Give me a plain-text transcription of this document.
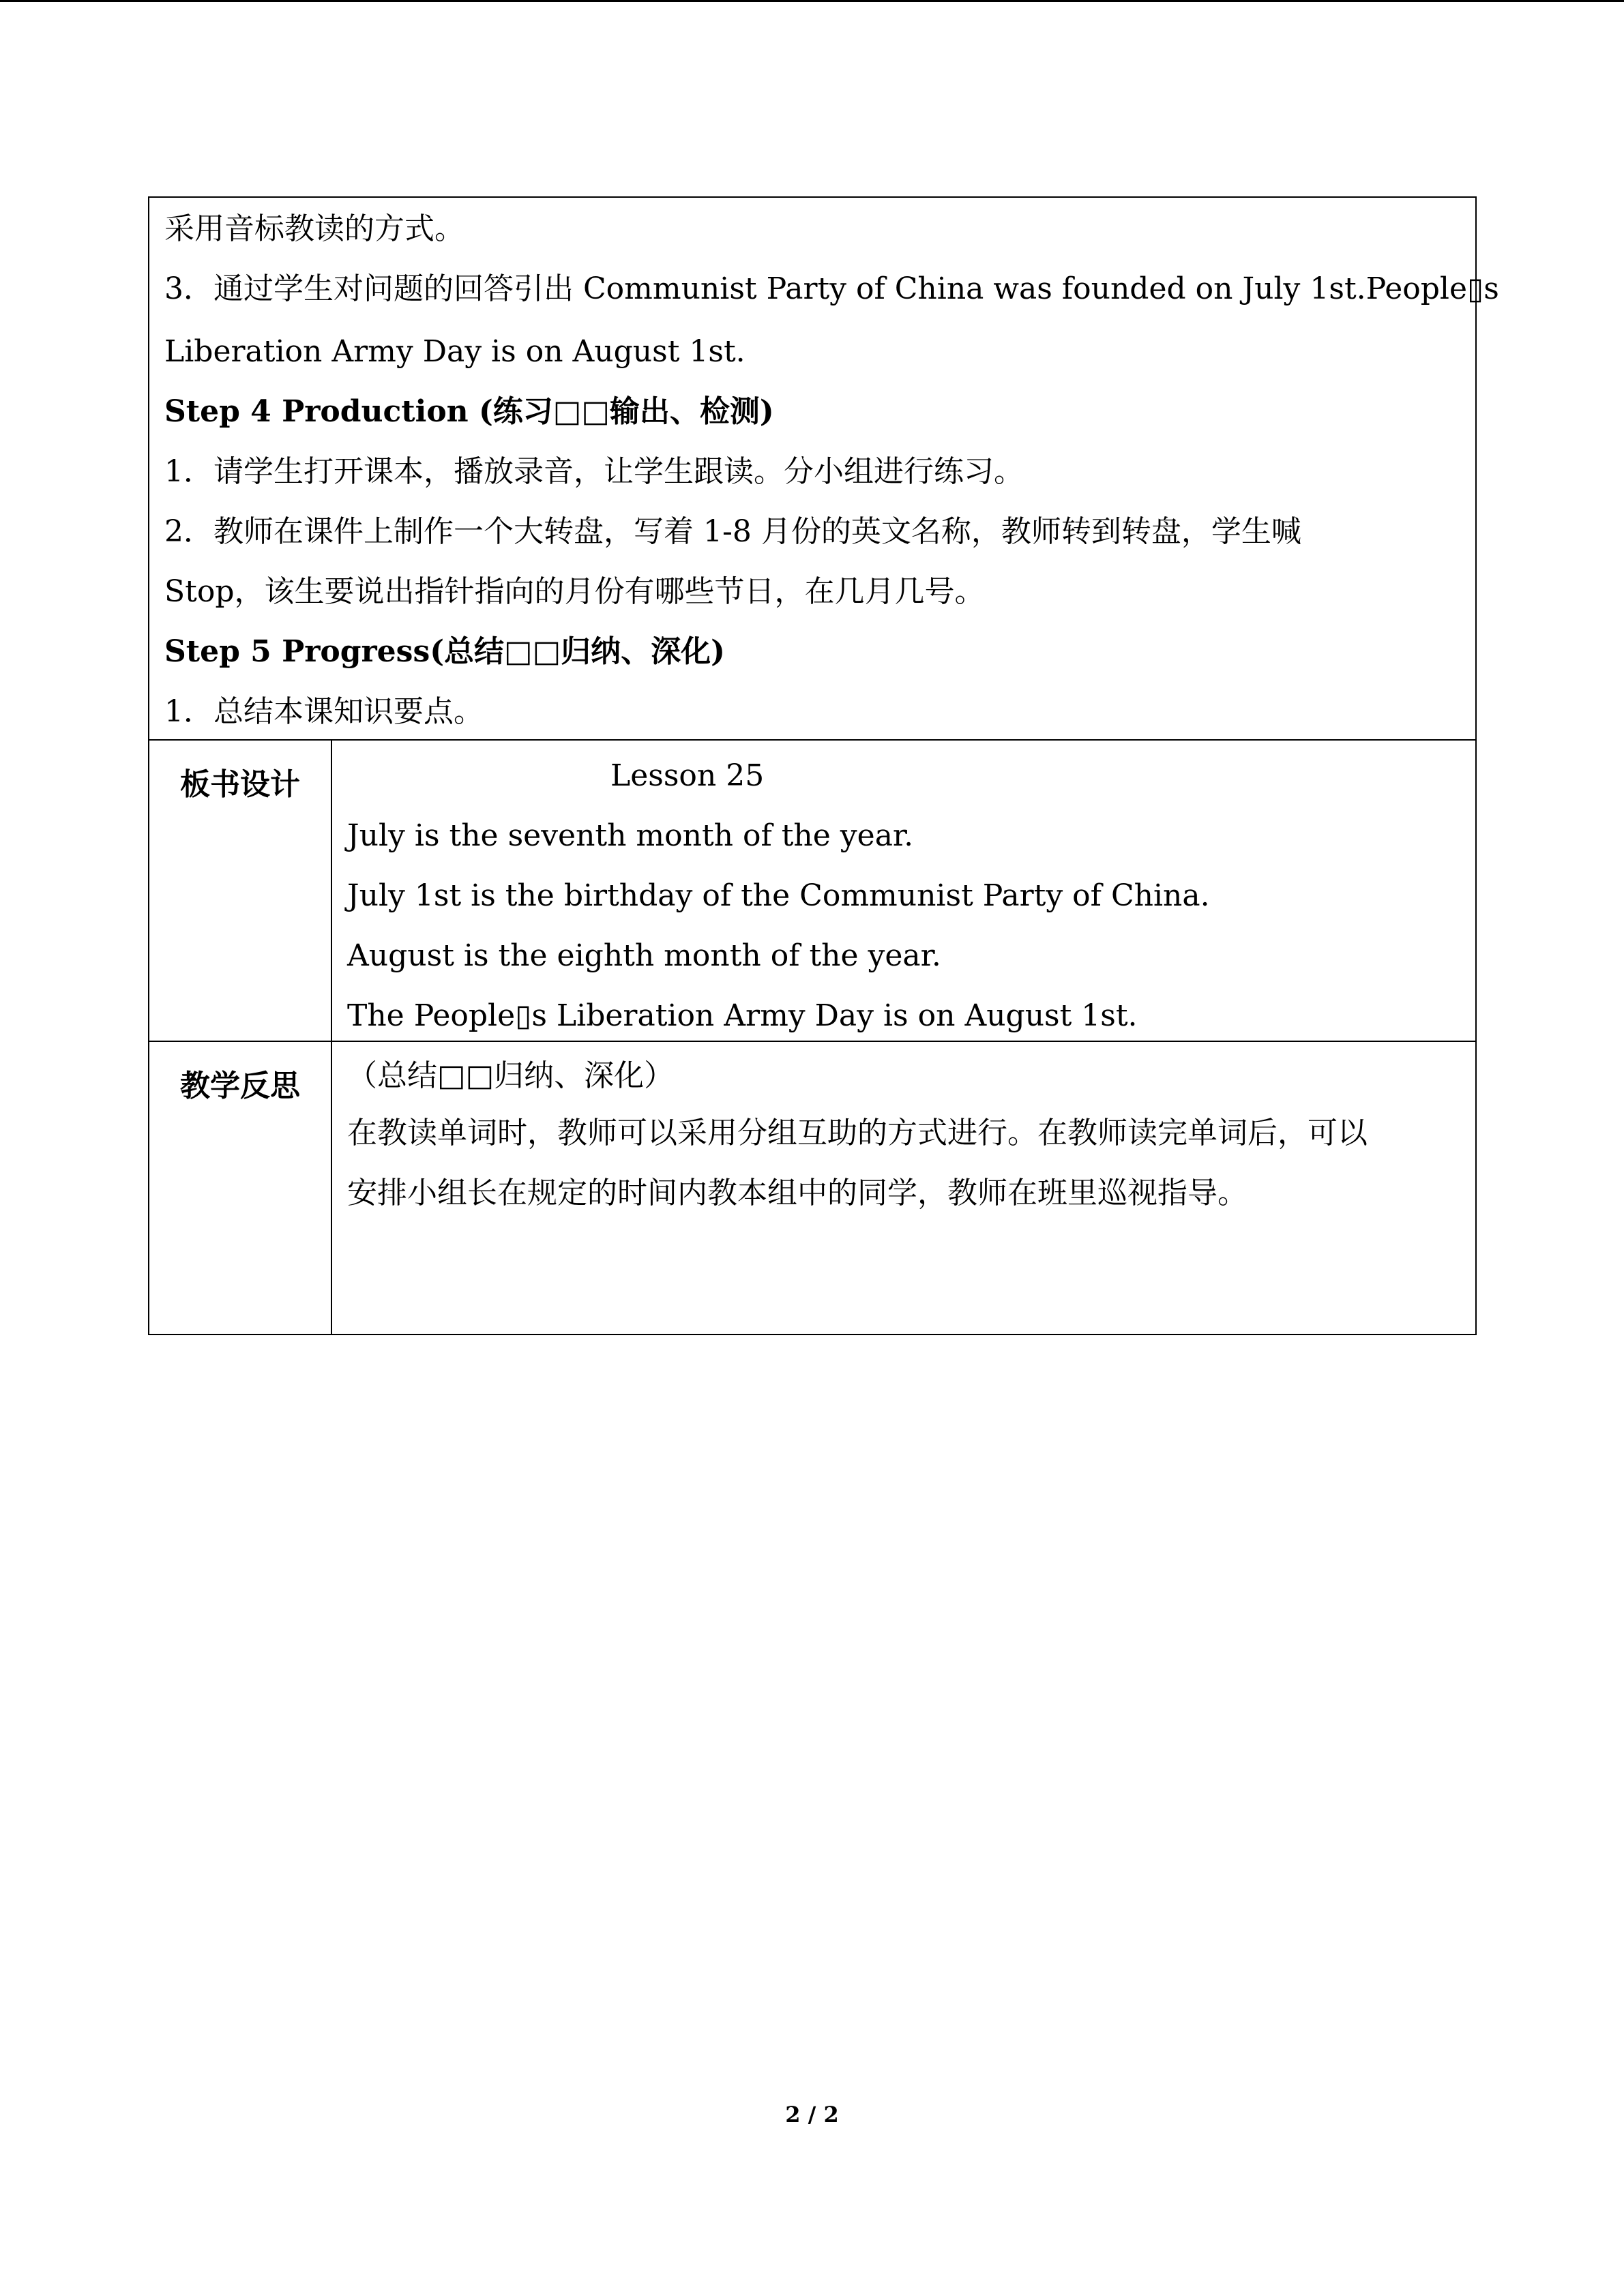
采用音标教读的方式。
3．通过学生对问题的回答引出 Communist Party of China was founded on July 1st.People▯s
Liberation Army Day is on August 1st.
Step 4 Production (练习□□输出、检测)
1．请学生打开课本，播放录音，让学生跟读。分小组进行练习。
2．教师在课件上制作一个大转盘，写着 1-8 月份的英文名称，教师转到转盘，学生喊
Stop，该生要说出指针指向的月份有哪些节日，在几月几号。
Step 5 Progress(总结□□归纳、深化)
1．总结本课知识要点。
板书设计	Lesson 25
July is the seventh month of the year.
July 1st is the birthday of the Communist Party of China.
August is the eighth month of the year.
The People▯s Liberation Army Day is on August 1st.
教学反思	（总结□□归纳、深化）
在教读单词时，教师可以采用分组互助的方式进行。在教师读完单词后，可以
安排小组长在规定的时间内教本组中的同学，教师在班里巡视指导。
2 / 2
